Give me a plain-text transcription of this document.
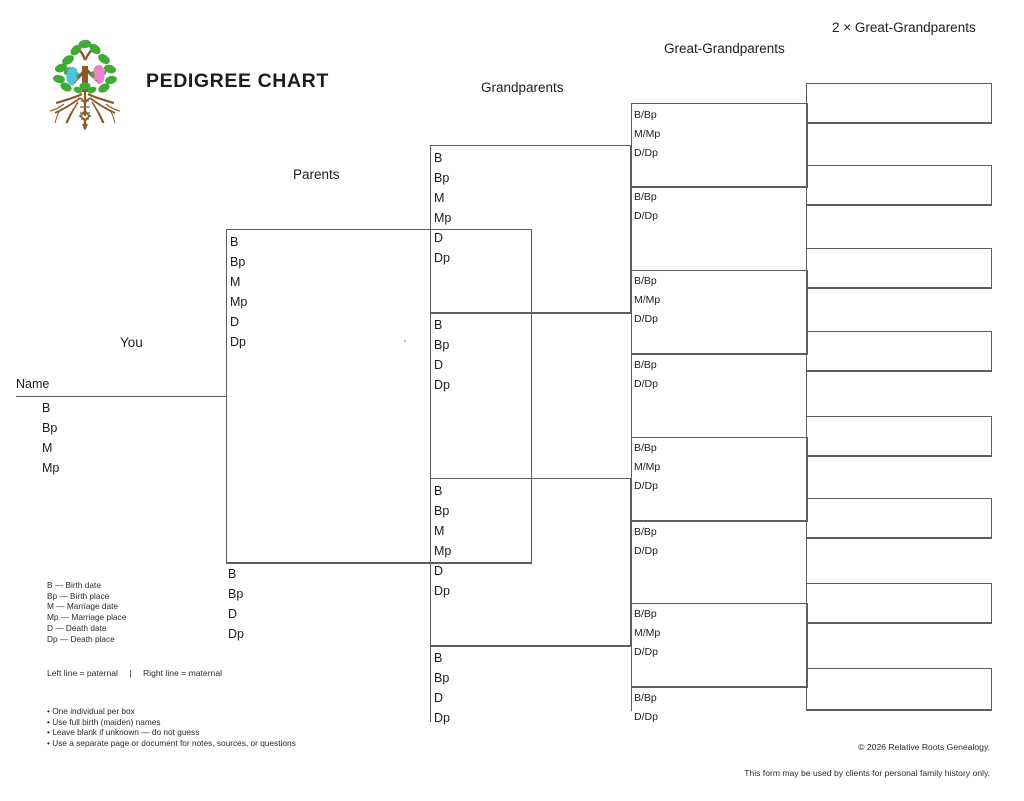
PEDIGREE CHART
You
Parents
Grandparents
Great-Grandparents
2 × Great-Grandparents
Name
B
Bp
M
Mp
B
Bp
M
Mp
D
Dp
B
Bp
D
Dp
B
Bp
M
Mp
D
Dp
B
Bp
D
Dp
B
Bp
M
Mp
D
Dp
B
Bp
D
Dp
B/Bp
M/Mp
D/Dp
B/Bp
D/Dp
B/Bp
M/Mp
D/Dp
B/Bp
D/Dp
B/Bp
M/Mp
D/Dp
B/Bp
D/Dp
B/Bp
M/Mp
D/Dp
B/Bp
D/Dp
B — Birth date
Bp — Birth place
M — Marriage date
Mp — Marriage place
D — Death date
Dp — Death place
Left line = paternal | Right line = maternal
• One individual per box
• Use full birth (maiden) names
• Leave blank if unknown — do not guess
• Use a separate page or document for notes, sources, or questions	© 2026 Relative Roots Genealogy.
This form may be used by clients for personal family history only.
